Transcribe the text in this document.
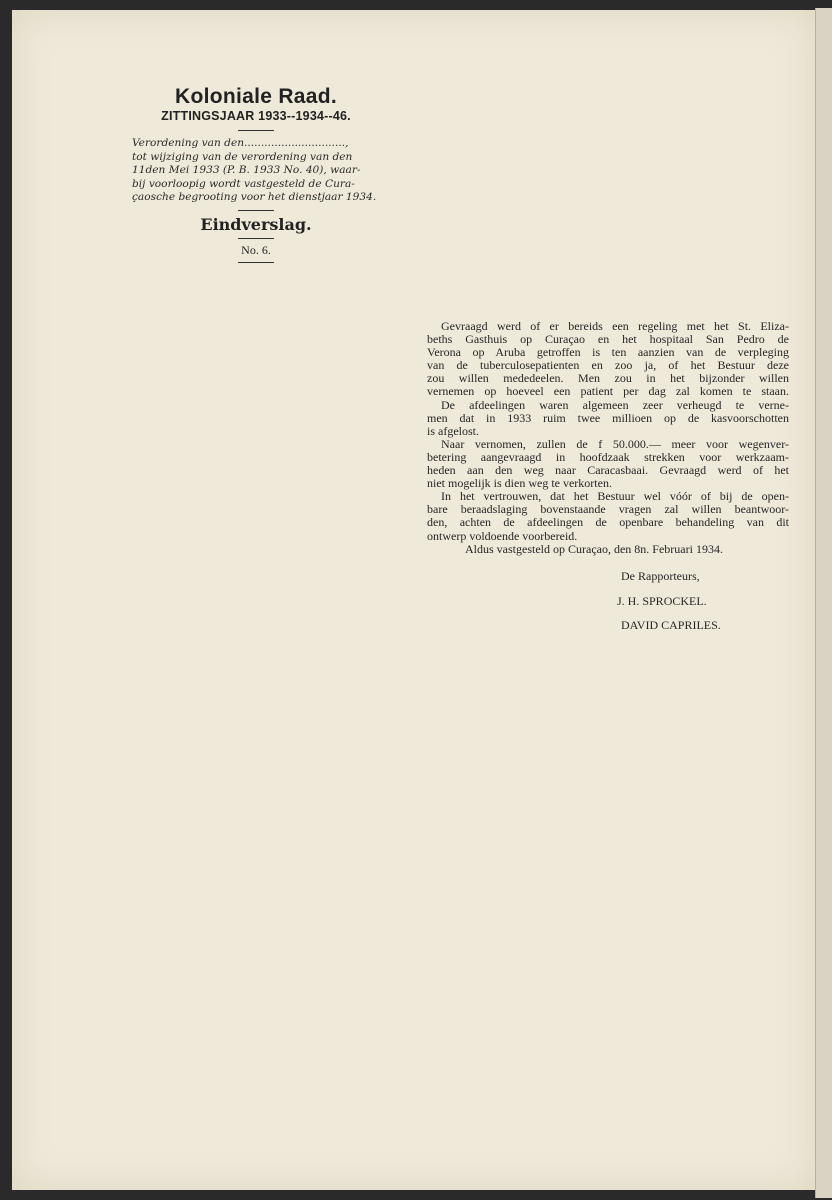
Koloniale Raad.
ZITTINGSJAAR 1933--1934--46.

Verordening van den..............................,
tot wijziging van de verordening van den
11den Mei 1933 (P. B. 1933 No. 40), waar-
bij voorloopig wordt vastgesteld de Cura-
çaosche begrooting voor het dienstjaar 1934.

Eindverslag.
No. 6.
Gevraagd werd of er bereids een regeling met het St. Eliza-
beths Gasthuis op Curaçao en het hospitaal San Pedro de
Verona op Aruba getroffen is ten aanzien van de verpleging
van de tuberculosepatienten en zoo ja, of het Bestuur deze
zou willen mededeelen. Men zou in het bijzonder willen
vernemen op hoeveel een patient per dag zal komen te staan.
De afdeelingen waren algemeen zeer verheugd te verne-
men dat in 1933 ruim twee millioen op de kasvoorschotten
is afgelost.
Naar vernomen, zullen de f 50.000.— meer voor wegenver-
betering aangevraagd in hoofdzaak strekken voor werkzaam-
heden aan den weg naar Caracasbaai. Gevraagd werd of het
niet mogelijk is dien weg te verkorten.
In het vertrouwen, dat het Bestuur wel vóór of bij de open-
bare beraadslaging bovenstaande vragen zal willen beantwoor-
den, achten de afdeelingen de openbare behandeling van dit
ontwerp voldoende voorbereid.
Aldus vastgesteld op Curaçao, den 8n. Februari 1934.
De Rapporteurs,
J. H. SPROCKEL.
DAVID CAPRILES.
